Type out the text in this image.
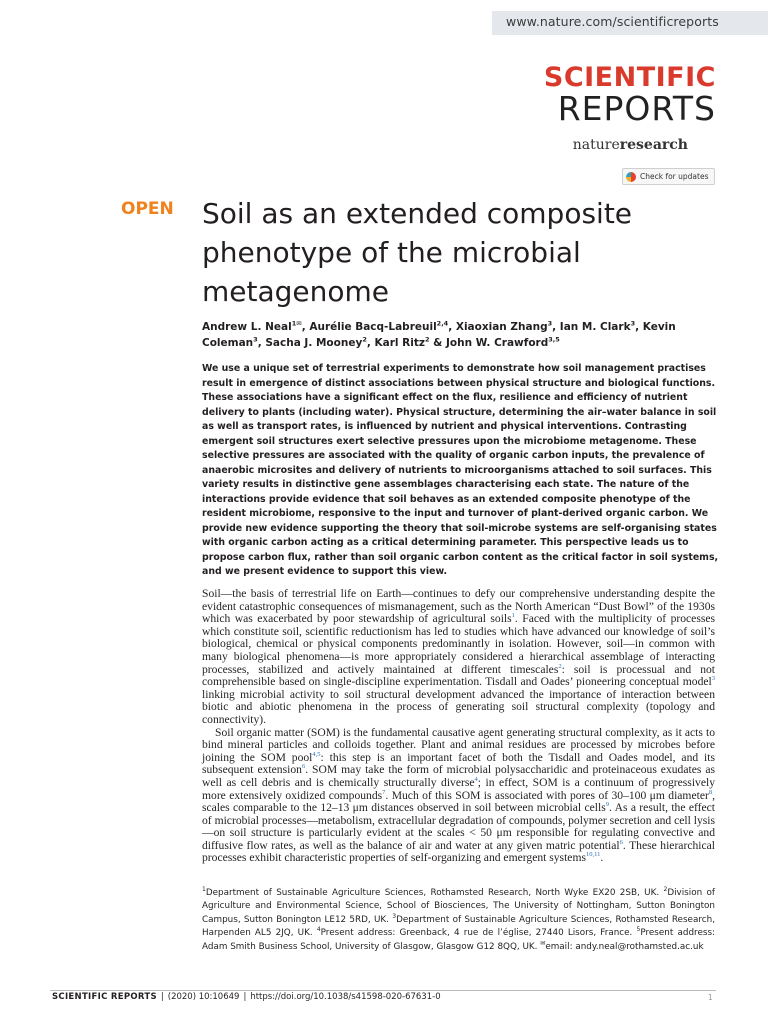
www.nature.com/scientificreports
SCIENTIFIC
REPORTS
natureresearch
Check for updates
OPEN Soil as an extended composite phenotype of the microbial metagenome
Andrew L. Neal$^{1✉}$, Aurélie Bacq-Labreuil$^{2,4}$, Xiaoxian Zhang$^3$, Ian M. Clark$^3$, Kevin Coleman$^3$, Sacha J. Mooney$^2$, Karl Ritz$^2$ & John W. Crawford$^{3,5}$

We use a unique set of terrestrial experiments to demonstrate how soil management practises result in emergence of distinct associations between physical structure and biological functions. These associations have a significant effect on the flux, resilience and efficiency of nutrient delivery to plants (including water). Physical structure, determining the air–water balance in soil as well as transport rates, is influenced by nutrient and physical interventions. Contrasting emergent soil structures exert selective pressures upon the microbiome metagenome. These selective pressures are associated with the quality of organic carbon inputs, the prevalence of anaerobic microsites and delivery of nutrients to microorganisms attached to soil surfaces. This variety results in distinctive gene assemblages characterising each state. The nature of the interactions provide evidence that soil behaves as an extended composite phenotype of the resident microbiome, responsive to the input and turnover of plant-derived organic carbon. We provide new evidence supporting the theory that soil-microbe systems are self-organising states with organic carbon acting as a critical determining parameter. This perspective leads us to propose carbon flux, rather than soil organic carbon content as the critical factor in soil systems, and we present evidence to support this view.

Soil—the basis of terrestrial life on Earth—continues to defy our comprehensive understanding despite the evident catastrophic consequences of mismanagement, such as the North American “Dust Bowl” of the 1930s which was exacerbated by poor stewardship of agricultural soils$^1$. Faced with the multiplicity of processes which constitute soil, scientific reductionism has led to studies which have advanced our knowledge of soil’s biological, chemical or physical components predominantly in isolation. However, soil—in common with many biological phenomena—is more appropriately considered a hierarchical assemblage of interacting processes, stabilized and actively maintained at different timescales$^2$: soil is processual and not comprehensible based on single-discipline experimentation. Tisdall and Oades’ pioneering conceptual model$^3$ linking microbial activity to soil structural development advanced the importance of interaction between biotic and abiotic phenomena in the process of generating soil structural complexity (topology and connectivity).

Soil organic matter (SOM) is the fundamental causative agent generating structural complexity, as it acts to bind mineral particles and colloids together. Plant and animal residues are processed by microbes before joining the SOM pool$^{4,5}$: this step is an important facet of both the Tisdall and Oades model, and its subsequent extension$^6$. SOM may take the form of microbial polysaccharidic and proteinaceous exudates as well as cell debris and is chemically structurally diverse$^4$; in effect, SOM is a continuum of progressively more extensively oxidized compounds$^7$. Much of this SOM is associated with pores of 30–100 μm diameter$^8$, scales comparable to the 12–13 μm distances observed in soil between microbial cells$^9$. As a result, the effect of microbial processes—metabolism, extracellular degradation of compounds, polymer secretion and cell lysis—on soil structure is particularly evident at the scales < 50 μm responsible for regulating convective and diffusive flow rates, as well as the balance of air and water at any given matric potential$^6$. These hierarchical processes exhibit characteristic properties of self-organizing and emergent systems$^{10,11}$.

$^1$Department of Sustainable Agriculture Sciences, Rothamsted Research, North Wyke EX20 2SB, UK. $^2$Division of Agriculture and Environmental Science, School of Biosciences, The University of Nottingham, Sutton Bonington Campus, Sutton Bonington LE12 5RD, UK. $^3$Department of Sustainable Agriculture Sciences, Rothamsted Research, Harpenden AL5 2JQ, UK. $^4$Present address: Greenback, 4 rue de l’église, 27440 Lisors, France. $^5$Present address: Adam Smith Business School, University of Glasgow, Glasgow G12 8QQ, UK. ✉email: andy.neal@rothamsted.ac.uk
SCIENTIFIC REPORTS | (2020) 10:10649 | https://doi.org/10.1038/s41598-020-67631-0	1
